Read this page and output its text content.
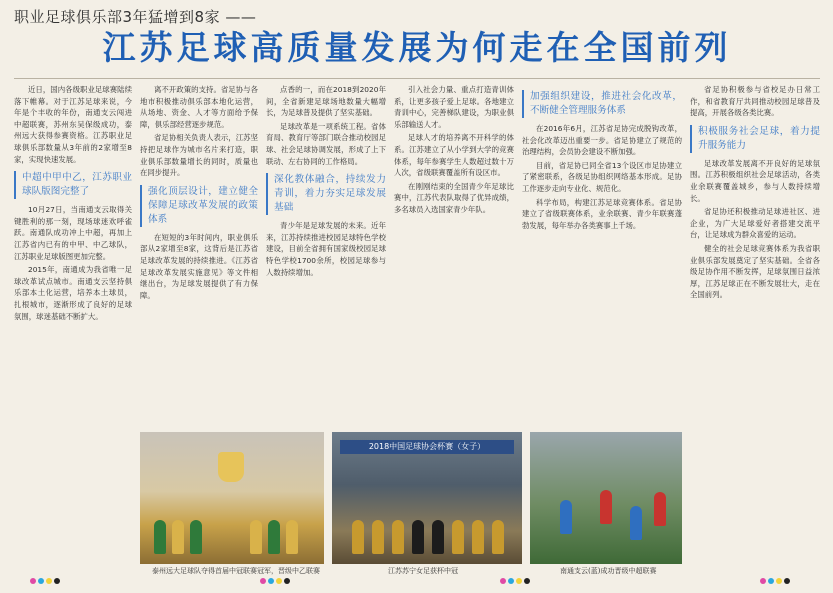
职业足球俱乐部3年猛增到8家 ——
江苏足球高质量发展为何走在全国前列

近日，国内各级职业足球赛陆续落下帷幕。对于江苏足球来说，今年是个丰收的年份，南通支云闯进中超联赛，苏州东吴保级成功，泰州远大获得参赛资格。江苏职业足球俱乐部数量从3年前的2家增至8家，实现快速发展。

中超中甲中乙，江苏职业球队版图完整了

10月27日，当南通支云取得关键胜利的那一刻，现场球迷欢呼雀跃。南通队成功冲上中超，再加上江苏省内已有的中甲、中乙球队，江苏职业足球版图更加完整。

2015年，南通成为我省唯一足球改革试点城市。南通支云坚持俱乐部本土化运营，培养本土球员，扎根城市，逐渐形成了良好的足球氛围，球迷基础不断扩大。

离不开政策的支持。省足协与各地市积极推动俱乐部本地化运营，从场地、资金、人才等方面给予保障，俱乐部经营逐步规范。

省足协相关负责人表示，江苏坚持把足球作为城市名片来打造，职业俱乐部数量增长的同时，质量也在同步提升。

强化顶层设计，建立健全保障足球改革发展的政策体系

在短短的3年时间内，职业俱乐部从2家增至8家，这背后是江苏省足球改革发展的持续推进。《江苏省足球改革发展实施意见》等文件相继出台，为足球发展提供了有力保障。

点香的一，而在2018到2020年间，全省新建足球场地数量大幅增长，为足球普及提供了坚实基础。

足球改革是一项系统工程。省体育局、教育厅等部门联合推动校园足球、社会足球协调发展，形成了上下联动、左右协同的工作格局。

深化教体融合，持续发力青训，着力夯实足球发展基础

青少年是足球发展的未来。近年来，江苏持续推进校园足球特色学校建设，目前全省拥有国家级校园足球特色学校1700余所，校园足球参与人数持续增加。

引入社会力量、重点打造青训体系，让更多孩子爱上足球。各地建立青训中心，完善梯队建设，为职业俱乐部输送人才。

足球人才的培养离不开科学的体系。江苏建立了从小学到大学的竞赛体系，每年参赛学生人数超过数十万人次，省级联赛覆盖所有设区市。

在刚刚结束的全国青少年足球比赛中，江苏代表队取得了优异成绩，多名球员入选国家青少年队。

加强组织建设，推进社会化改革，不断健全管理服务体系

在2016年6月，江苏省足协完成脱钩改革，社会化改革迈出重要一步。省足协建立了规范的治理结构，会员协会建设不断加强。

目前，省足协已同全省13个设区市足协建立了紧密联系，各级足协组织网络基本形成。足协工作逐步走向专业化、规范化。

科学布局，构建江苏足球竞赛体系。省足协建立了省级联赛体系，业余联赛、青少年联赛蓬勃发展，每年举办各类赛事上千场。

省足协积极参与省校足办日常工作，和省教育厅共同推动校园足球普及提高，开展各级各类比赛。

积极服务社会足球，着力提升服务能力

足球改革发展离不开良好的足球氛围。江苏积极组织社会足球活动，各类业余联赛覆盖城乡，参与人数持续增长。

省足协还积极推动足球进社区、进企业，为广大足球爱好者搭建交流平台，让足球成为群众喜爱的运动。

健全的社会足球竞赛体系为我省职业俱乐部发展奠定了坚实基础。全省各级足协作用不断发挥，足球氛围日益浓厚，江苏足球正在不断发展壮大，走在全国前列。

2018中国足球协会杯赛（女子）
泰州远大足球队夺得首届中冠联赛冠军，晋级中乙联赛	江苏苏宁女足获杯中冠	南通支云(蓝)成功晋级中超联赛
